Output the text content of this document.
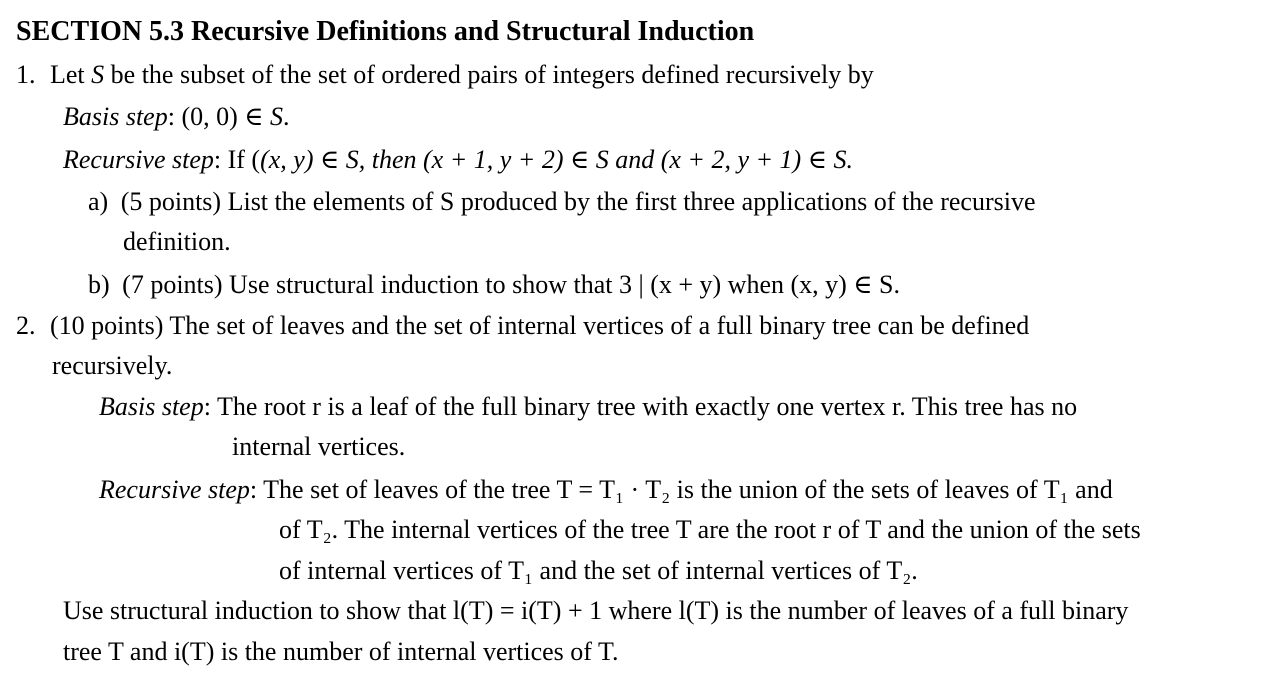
SECTION 5.3 Recursive Definitions and Structural Induction
1. Let S be the subset of the set of ordered pairs of integers defined recursively by
Basis step: (0, 0) ∈ S.
Recursive step: If ((x, y) ∈ S, then (x + 1, y + 2) ∈ S and (x + 2, y + 1) ∈ S.
a) (5 points) List the elements of S produced by the first three applications of the recursive
definition.
b) (7 points) Use structural induction to show that 3 | (x + y) when (x, y) ∈ S.
2. (10 points) The set of leaves and the set of internal vertices of a full binary tree can be defined
recursively.
Basis step: The root r is a leaf of the full binary tree with exactly one vertex r. This tree has no
internal vertices.
Recursive step: The set of leaves of the tree T = T₁ · T₂ is the union of the sets of leaves of T₁ and
of T₂. The internal vertices of the tree T are the root r of T and the union of the sets
of internal vertices of T₁ and the set of internal vertices of T₂.
Use structural induction to show that l(T) = i(T) + 1 where l(T) is the number of leaves of a full binary
tree T and i(T) is the number of internal vertices of T.
